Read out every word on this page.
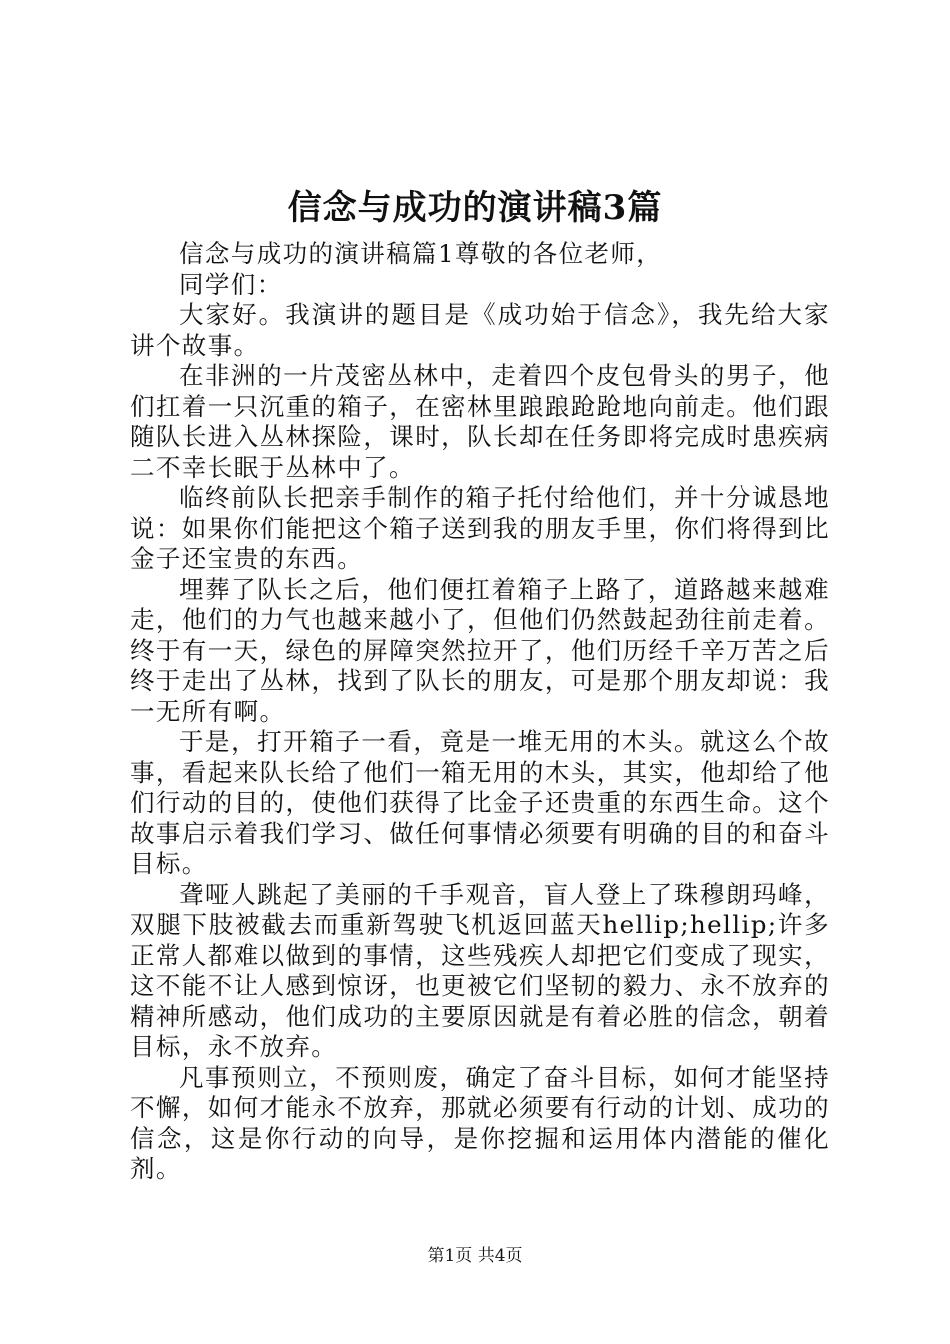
信念与成功的演讲稿3篇

信念与成功的演讲稿篇1尊敬的各位老师，

同学们：

大家好。我演讲的题目是《成功始于信念》，我先给大家讲个故事。

在非洲的一片茂密丛林中，走着四个皮包骨头的男子，他们扛着一只沉重的箱子，在密林里踉踉跄跄地向前走。他们跟随队长进入丛林探险，课时，队长却在任务即将完成时患疾病二不幸长眠于丛林中了。

临终前队长把亲手制作的箱子托付给他们，并十分诚恳地说：如果你们能把这个箱子送到我的朋友手里，你们将得到比金子还宝贵的东西。

埋葬了队长之后，他们便扛着箱子上路了，道路越来越难走，他们的力气也越来越小了，但他们仍然鼓起劲往前走着。终于有一天，绿色的屏障突然拉开了，他们历经千辛万苦之后终于走出了丛林，找到了队长的朋友，可是那个朋友却说：我一无所有啊。

于是，打开箱子一看，竟是一堆无用的木头。就这么个故事，看起来队长给了他们一箱无用的木头，其实，他却给了他们行动的目的，使他们获得了比金子还贵重的东西生命。这个故事启示着我们学习、做任何事情必须要有明确的目的和奋斗目标。

聋哑人跳起了美丽的千手观音，盲人登上了珠穆朗玛峰，双腿下肢被截去而重新驾驶飞机返回蓝天hellip;hellip;许多正常人都难以做到的事情，这些残疾人却把它们变成了现实，这不能不让人感到惊讶，也更被它们坚韧的毅力、永不放弃的精神所感动，他们成功的主要原因就是有着必胜的信念，朝着目标，永不放弃。

凡事预则立，不预则废，确定了奋斗目标，如何才能坚持不懈，如何才能永不放弃，那就必须要有行动的计划、成功的信念，这是你行动的向导，是你挖掘和运用体内潜能的催化剂。

第1页 共4页
